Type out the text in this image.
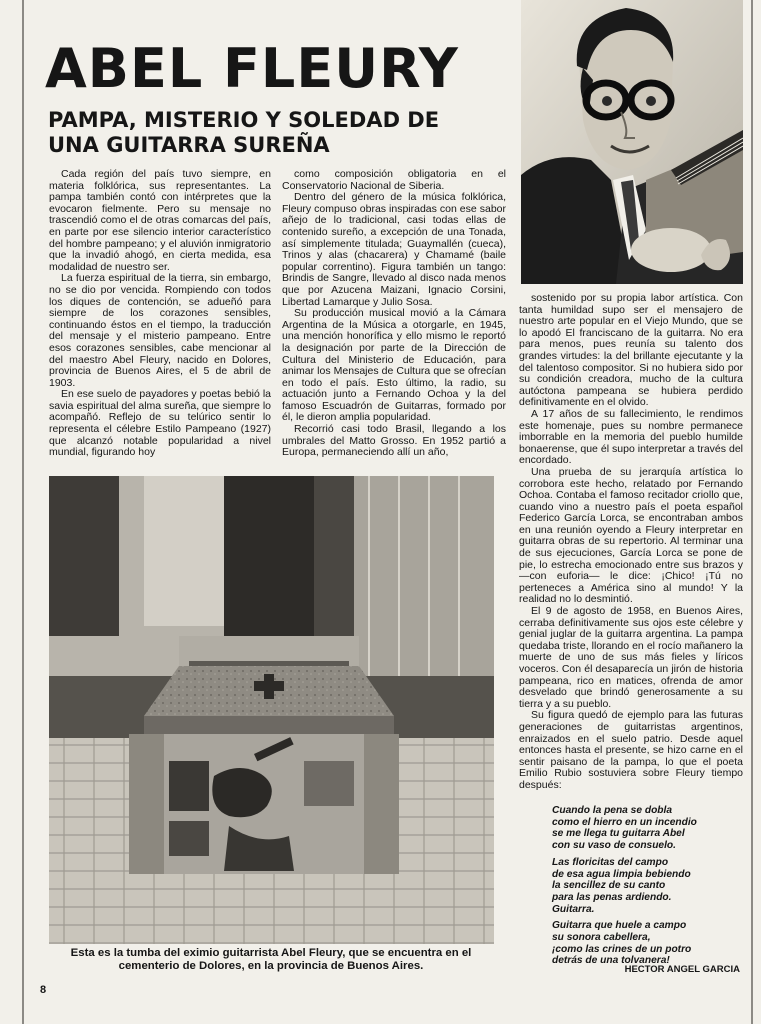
ABEL FLEURY
PAMPA, MISTERIO Y SOLEDAD DE
UNA GUITARRA SUREÑA

Cada región del país tuvo siempre, en materia folklórica, sus representantes. La pampa también contó con intérpretes que la evocaron fielmente. Pero su mensaje no trascendió como el de otras comarcas del país, en parte por ese silencio interior característico del hombre pampeano; y el aluvión inmigratorio que la invadió ahogó, en cierta medida, esa modalidad de nuestro ser.

La fuerza espiritual de la tierra, sin embargo, no se dio por vencida. Rompiendo con todos los diques de contención, se adueñó para siempre de los corazones sensibles, continuando éstos en el tiempo, la traducción del mensaje y el misterio pampeano. Entre esos corazones sensibles, cabe mencionar al del maestro Abel Fleury, nacido en Dolores, provincia de Buenos Aires, el 5 de abril de 1903.

En ese suelo de payadores y poetas bebió la savia espiritual del alma sureña, que siempre lo acompañó. Reflejo de su telúrico sentir lo representa el célebre Estilo Pampeano (1927) que alcanzó notable popularidad a nivel mundial, figurando hoy

como composición obligatoria en el Conservatorio Nacional de Siberia.

Dentro del género de la música folklórica, Fleury compuso obras inspiradas con ese sabor añejo de lo tradicional, casi todas ellas de contenido sureño, a excepción de una Tonada, así simplemente titulada; Guaymallén (cueca), Trinos y alas (chacarera) y Chamamé (baile popular correntino). Figura también un tango: Brindis de Sangre, llevado al disco nada menos que por Azucena Maizani, Ignacio Corsini, Libertad Lamarque y Julio Sosa.

Su producción musical movió a la Cámara Argentina de la Música a otorgarle, en 1945, una mención honorífica y ello mismo le reportó la designación por parte de la Dirección de Cultura del Ministerio de Educación, para animar los Mensajes de Cultura que se ofrecían en todo el país. Esto último, la radio, su actuación junto a Fernando Ochoa y la del famoso Escuadrón de Guitarras, formado por él, le dieron amplia popularidad.

Recorrió casi todo Brasil, llegando a los umbrales del Matto Grosso. En 1952 partió a Europa, permaneciendo allí un año,

sostenido por su propia labor artística. Con tanta humildad supo ser el mensajero de nuestro arte popular en el Viejo Mundo, que se lo apodó El franciscano de la guitarra. No era para menos, pues reunía su talento dos grandes virtudes: la del brillante ejecutante y la del talentoso compositor. Si no hubiera sido por su condición creadora, mucho de la cultura autóctona pampeana se hubiera perdido definitivamente en el olvido.

A 17 años de su fallecimiento, le rendimos este homenaje, pues su nombre permanece imborrable en la memoria del pueblo humilde bonaerense, que él supo interpretar a través del encordado.

Una prueba de su jerarquía artística lo corrobora este hecho, relatado por Fernando Ochoa. Contaba el famoso recitador criollo que, cuando vino a nuestro país el poeta español Federico García Lorca, se encontraban ambos en una reunión oyendo a Fleury interpretar en guitarra obras de su repertorio. Al terminar una de sus ejecuciones, García Lorca se pone de pie, lo estrecha emocionado entre sus brazos y —con euforia— le dice: ¡Chico! ¡Tú no perteneces a América sino al mundo! Y la realidad no lo desmintió.

El 9 de agosto de 1958, en Buenos Aires, cerraba definitivamente sus ojos este célebre y genial juglar de la guitarra argentina. La pampa quedaba triste, llorando en el rocío mañanero la muerte de uno de sus más fieles y líricos voceros. Con él desaparecía un jirón de historia pampeana, rico en matices, ofrenda de amor desvelado que brindó generosamente a su tierra y a su pueblo.

Su figura quedó de ejemplo para las futuras generaciones de guitarristas argentinos, enraizados en el suelo patrio. Desde aquel entonces hasta el presente, se hizo carne en el sentir paisano de la pampa, lo que el poeta Emilio Rubio sostuviera sobre Fleury tiempo después:

Esta es la tumba del eximio guitarrista Abel Fleury, que se encuentra en el cementerio de Dolores, en la provincia de Buenos Aires.
Cuando la pena se dobla
como el hierro en un incendio
se me llega tu guitarra Abel
con su vaso de consuelo.
Las floricitas del campo
de esa agua limpia bebiendo
la sencillez de su canto
para las penas ardiendo.
Guitarra.
Guitarra que huele a campo
su sonora cabellera,
¡como las crines de un potro
detrás de una tolvanera!
HECTOR ANGEL GARCIA
8
